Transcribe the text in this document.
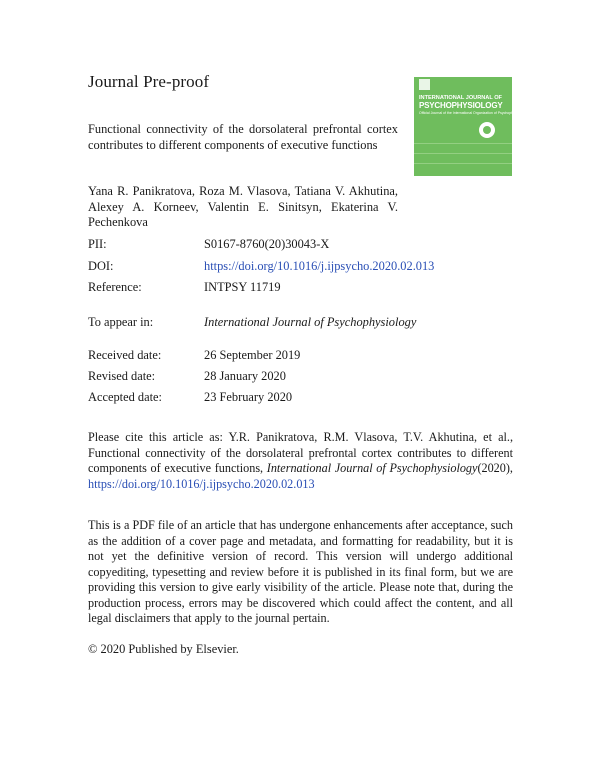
Journal Pre-proof
INTERNATIONAL JOURNAL OF
PSYCHOPHYSIOLOGY
Official Journal of the International Organization of Psychophysiology
Functional connectivity of the dorsolateral prefrontal cortex contributes to different components of executive functions
Yana R. Panikratova, Roza M. Vlasova, Tatiana V. Akhutina, Alexey A. Korneev, Valentin E. Sinitsyn, Ekaterina V. Pechenkova
PII:	S0167-8760(20)30043-X
DOI:	https://doi.org/10.1016/j.ijpsycho.2020.02.013
Reference:	INTPSY 11719
To appear in:	International Journal of Psychophysiology
Received date:	26 September 2019
Revised date:	28 January 2020
Accepted date:	23 February 2020
Please cite this article as: Y.R. Panikratova, R.M. Vlasova, T.V. Akhutina, et al., Functional connectivity of the dorsolateral prefrontal cortex contributes to different components of executive functions, International Journal of Psychophysiology(2020), https://doi.org/10.1016/j.ijpsycho.2020.02.013
This is a PDF file of an article that has undergone enhancements after acceptance, such as the addition of a cover page and metadata, and formatting for readability, but it is not yet the definitive version of record. This version will undergo additional copyediting, typesetting and review before it is published in its final form, but we are providing this version to give early visibility of the article. Please note that, during the production process, errors may be discovered which could affect the content, and all legal disclaimers that apply to the journal pertain.
© 2020 Published by Elsevier.
